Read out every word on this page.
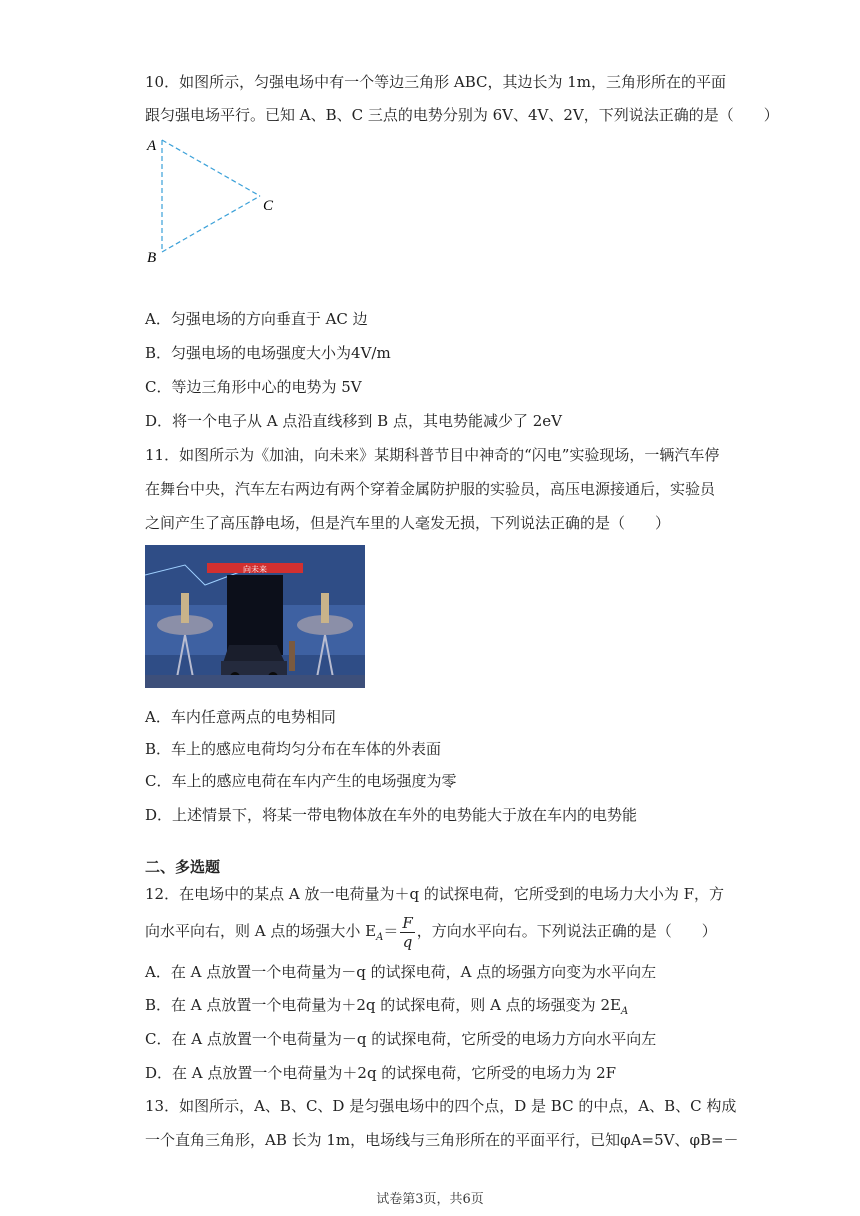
10．如图所示，匀强电场中有一个等边三角形 ABC，其边长为 1m，三角形所在的平面
跟匀强电场平行。已知 A、B、C 三点的电势分别为 6V、4V、2V，下列说法正确的是（　　）
A
B
C
A．匀强电场的方向垂直于 AC 边
B．匀强电场的电场强度大小为4V/m
C．等边三角形中心的电势为 5V
D．将一个电子从 A 点沿直线移到 B 点，其电势能减少了 2eV
11．如图所示为《加油，向未来》某期科普节目中神奇的“闪电”实验现场，一辆汽车停
在舞台中央，汽车左右两边有两个穿着金属防护服的实验员，高压电源接通后，实验员
之间产生了高压静电场，但是汽车里的人毫发无损，下列说法正确的是（　　）
向未来
A．车内任意两点的电势相同
B．车上的感应电荷均匀分布在车体的外表面
C．车上的感应电荷在车内产生的电场强度为零
D．上述情景下，将某一带电物体放在车外的电势能大于放在车内的电势能
二、多选题
12．在电场中的某点 A 放一电荷量为＋q 的试探电荷，它所受到的电场力大小为 F，方
向水平向右，则 A 点的场强大小 $E_A= \frac{F}{q}$ ，方向水平向右。下列说法正确的是（　　）
A．在 A 点放置一个电荷量为－q 的试探电荷，A 点的场强方向变为水平向左
B．在 A 点放置一个电荷量为＋2q 的试探电荷，则 A 点的场强变为 $2E_A$
C．在 A 点放置一个电荷量为－q 的试探电荷，它所受的电场力方向水平向左
D．在 A 点放置一个电荷量为＋2q 的试探电荷，它所受的电场力为 2F
13．如图所示，A、B、C、D 是匀强电场中的四个点，D 是 BC 的中点，A、B、C 构成
一个直角三角形，AB 长为 1m，电场线与三角形所在的平面平行，已知φA=5V、φB=－
试卷第3页，共6页
